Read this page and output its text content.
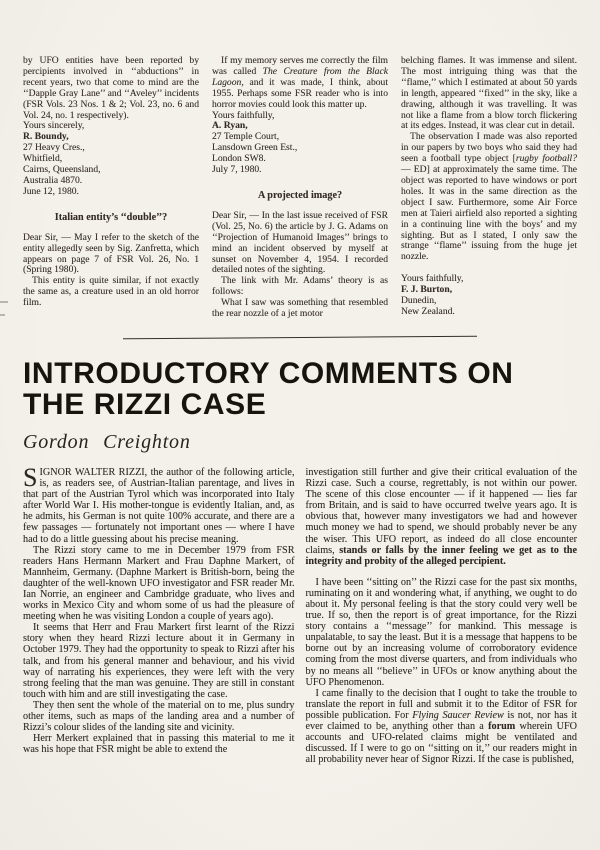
by UFO entities have been reported by percipients involved in ‘‘abductions’’ in recent years, two that come to mind are the ‘‘Dapple Gray Lane’’ and ‘‘Aveley’’ incidents (FSR Vols. 23 Nos. 1 & 2; Vol. 23, no. 6 and Vol. 24, no. 1 respectively).

Yours sincerely,

R. Boundy,

27 Heavy Cres.,

Whitfield,

Cairns, Queensland,

Australia 4870.

June 12, 1980.

Italian entity’s ‘‘double’’?

Dear Sir, — May I refer to the sketch of the entity allegedly seen by Sig. Zanfretta, which appears on page 7 of FSR Vol. 26, No. 1 (Spring 1980).

This entity is quite similar, if not exactly the same as, a creature used in an old horror film.

If my memory serves me correctly the film was called The Creature from the Black Lagoon, and it was made, I think, about 1955. Perhaps some FSR reader who is into horror movies could look this matter up.

Yours faithfully,

A. Ryan,

27 Temple Court,

Lansdown Green Est.,

London SW8.

July 7, 1980.

A projected image?

Dear Sir, — In the last issue received of FSR (Vol. 25, No. 6) the article by J. G. Adams on ‘‘Projection of Humanoid Images’’ brings to mind an incident observed by myself at sunset on November 4, 1954. I recorded detailed notes of the sighting.

The link with Mr. Adams’ theory is as follows:

What I saw was something that resembled the rear nozzle of a jet motor

belching flames. It was immense and silent. The most intriguing thing was that the ‘‘flame,’’ which I estimated at about 50 yards in length, appeared ‘‘fixed’’ in the sky, like a drawing, although it was travelling. It was not like a flame from a blow torch flickering at its edges. Instead, it was clear cut in detail.

The observation I made was also reported in our papers by two boys who said they had seen a football type object [rugby football? — ED] at approximately the same time. The object was reported to have windows or port holes. It was in the same direction as the object I saw. Furthermore, some Air Force men at Taieri airfield also reported a sighting in a continuing line with the boys’ and my sighting. But as I stated, I only saw the strange ‘‘flame’’ issuing from the huge jet nozzle.

Yours faithfully,

F. J. Burton,

Dunedin,

New Zealand.

INTRODUCTORY COMMENTS ON
THE RIZZI CASE
Gordon Creighton

SIGNOR WALTER RIZZI, the author of the following article, is, as readers see, of Austrian-Italian parentage, and lives in that part of the Austrian Tyrol which was incorporated into Italy after World War I. His mother-tongue is evidently Italian, and, as he admits, his German is not quite 100% accurate, and there are a few passages — fortunately not important ones — where I have had to do a little guessing about his precise meaning.

The Rizzi story came to me in December 1979 from FSR readers Hans Hermann Markert and Frau Daphne Markert, of Mannheim, Germany. (Daphne Markert is British-born, being the daughter of the well-known UFO investigator and FSR reader Mr. Ian Norrie, an engineer and Cambridge graduate, who lives and works in Mexico City and whom some of us had the pleasure of meeting when he was visiting London a couple of years ago).

It seems that Herr and Frau Markert first learnt of the Rizzi story when they heard Rizzi lecture about it in Germany in October 1979. They had the opportunity to speak to Rizzi after his talk, and from his general manner and behaviour, and his vivid way of narrating his experiences, they were left with the very strong feeling that the man was genuine. They are still in constant touch with him and are still investigating the case.

They then sent the whole of the material on to me, plus sundry other items, such as maps of the landing area and a number of Rizzi’s colour slides of the landing site and vicinity.

Herr Merkert explained that in passing this material to me it was his hope that FSR might be able to extend the

investigation still further and give their critical evaluation of the Rizzi case. Such a course, regrettably, is not within our power. The scene of this close encounter — if it happened — lies far from Britain, and is said to have occurred twelve years ago. It is obvious that, however many investigators we had and however much money we had to spend, we should probably never be any the wiser. This UFO report, as indeed do all close encounter claims, stands or falls by the inner feeling we get as to the integrity and probity of the alleged percipient.

I have been ‘‘sitting on’’ the Rizzi case for the past six months, ruminating on it and wondering what, if anything, we ought to do about it. My personal feeling is that the story could very well be true. If so, then the report is of great importance, for the Rizzi story contains a ‘‘message’’ for mankind. This message is unpalatable, to say the least. But it is a message that happens to be borne out by an increasing volume of corroboratory evidence coming from the most diverse quarters, and from individuals who by no means all ‘‘believe’’ in UFOs or know anything about the UFO Phenomenon.

I came finally to the decision that I ought to take the trouble to translate the report in full and submit it to the Editor of FSR for possible publication. For Flying Saucer Review is not, nor has it ever claimed to be, anything other than a forum wherein UFO accounts and UFO-related claims might be ventilated and discussed. If I were to go on ‘‘sitting on it,’’ our readers might in all probability never hear of Signor Rizzi. If the case is published,
